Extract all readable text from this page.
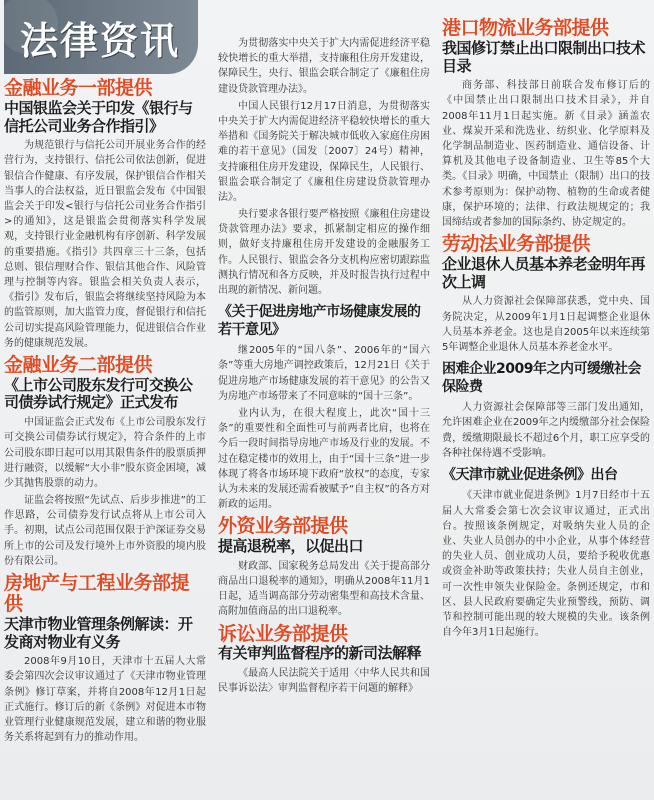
法律资讯
金融业务一部提供
中国银监会关于印发《银行与信托公司业务合作指引》

为规范银行与信托公司开展业务合作的经营行为，支持银行、信托公司依法创新，促进银信合作健康、有序发展，保护银信合作相关当事人的合法权益，近日银监会发布《中国银监会关于印发<银行与信托公司业务合作指引>的通知》，这是银监会贯彻落实科学发展观，支持银行业金融机构有序创新、科学发展的重要措施。《指引》共四章三十三条，包括总则、银信理财合作、银信其他合作、风险管理与控制等内容。银监会相关负责人表示，《指引》发布后，银监会将继续坚持风险为本的监管原则，加大监管力度，督促银行和信托公司切实提高风险管理能力，促进银信合作业务的健康规范发展。

金融业务二部提供
《上市公司股东发行可交换公司债券试行规定》正式发布

中国证监会正式发布《上市公司股东发行可交换公司债券试行规定》，符合条件的上市公司股东即日起可以用其限售条件的股票质押进行融资，以缓解“大小非”股东资金困境，减少其抛售股票的动力。

证监会将按照“先试点、后步步推进”的工作思路，公司债券发行试点将从上市公司入手。初期，试点公司范围仅限于沪深证券交易所上市的公司及发行境外上市外资股的境内股份有限公司。

房地产与工程业务部提供
天津市物业管理条例解读：开发商对物业有义务

2008年9月10日，天津市十五届人大常委会第四次会议审议通过了《天津市物业管理条例》修订草案，并将自2008年12月1日起正式施行。修订后的新《条例》对促进本市物业管理行业健康规范发展，建立和谐的物业服务关系将起到有力的推动作用。

为贯彻落实中央关于扩大内需促进经济平稳较快增长的重大举措，支持廉租住房开发建设，保障民生，央行、银监会联合制定了《廉租住房建设贷款管理办法》。

中国人民银行12月17日消息，为贯彻落实中央关于扩大内需促进经济平稳较快增长的重大举措和《国务院关于解决城市低收入家庭住房困难的若干意见》（国发〔2007〕24号）精神，支持廉租住房开发建设，保障民生，人民银行、银监会联合制定了《廉租住房建设贷款管理办法》。

央行要求各银行要严格按照《廉租住房建设贷款管理办法》要求，抓紧制定相应的操作细则，做好支持廉租住房开发建设的金融服务工作。人民银行、银监会各分支机构应密切跟踪监测执行情况和各方反映，并及时报告执行过程中出现的新情况、新问题。

《关于促进房地产市场健康发展的若干意见》

继2005年的“国八条”、2006年的“国六条”等重大房地产调控政策后，12月21日《关于促进房地产市场健康发展的若干意见》的公告又为房地产市场带来了不同意味的“国十三条”。

业内认为，在很大程度上，此次“国十三条”的重要性和全面性可与前两者比肩，也将在今后一段时间指导房地产市场及行业的发展。不过在稳定楼市的效用上，由于“国十三条”进一步体现了将各市场环境下政府“放权”的态度，专家认为未来的发展还需看被赋予“自主权”的各方对新政的运用。

外资业务部提供
提高退税率，以促出口

财政部、国家税务总局发出《关于提高部分商品出口退税率的通知》，明确从2008年11月1日起，适当调高部分劳动密集型和高技术含量、高附加值商品的出口退税率。

诉讼业务部提供
有关审判监督程序的新司法解释

《最高人民法院关于适用〈中华人民共和国民事诉讼法〉审判监督程序若干问题的解释》

港口物流业务部提供
我国修订禁止出口限制出口技术目录

商务部、科技部日前联合发布修订后的《中国禁止出口限制出口技术目录》，并自2008年11月1日起实施。新《目录》涵盖农业、煤炭开采和洗选业、纺织业、化学原料及化学制品制造业、医药制造业、通信设备、计算机及其他电子设备制造业、卫生等85个大类。《目录》明确，中国禁止（限制）出口的技术参考原则为：保护动物、植物的生命或者健康，保护环境的；法律、行政法规规定的；我国缔结或者参加的国际条约、协定规定的。

劳动法业务部提供
企业退休人员基本养老金明年再次上调

从人力资源社会保障部获悉，党中央、国务院决定，从2009年1月1日起调整企业退休人员基本养老金。这也是自2005年以来连续第5年调整企业退休人员基本养老金水平。

困难企业2009年之内可缓缴社会保险费

人力资源社会保障部等三部门发出通知，允许困难企业在2009年之内缓缴部分社会保险费，缓缴期限最长不超过6个月，职工应享受的各种社保待遇不受影响。

《天津市就业促进条例》出台

《天津市就业促进条例》1月7日经市十五届人大常委会第七次会议审议通过，正式出台。按照该条例规定，对吸纳失业人员的企业、失业人员创办的中小企业，从事个体经营的失业人员、创业成功人员，要给予税收优惠或资金补助等政策扶持；失业人员自主创业，可一次性申领失业保险金。条例还规定，市和区、县人民政府要确定失业预警线，预防、调节和控制可能出现的较大规模的失业。该条例自今年3月1日起施行。
